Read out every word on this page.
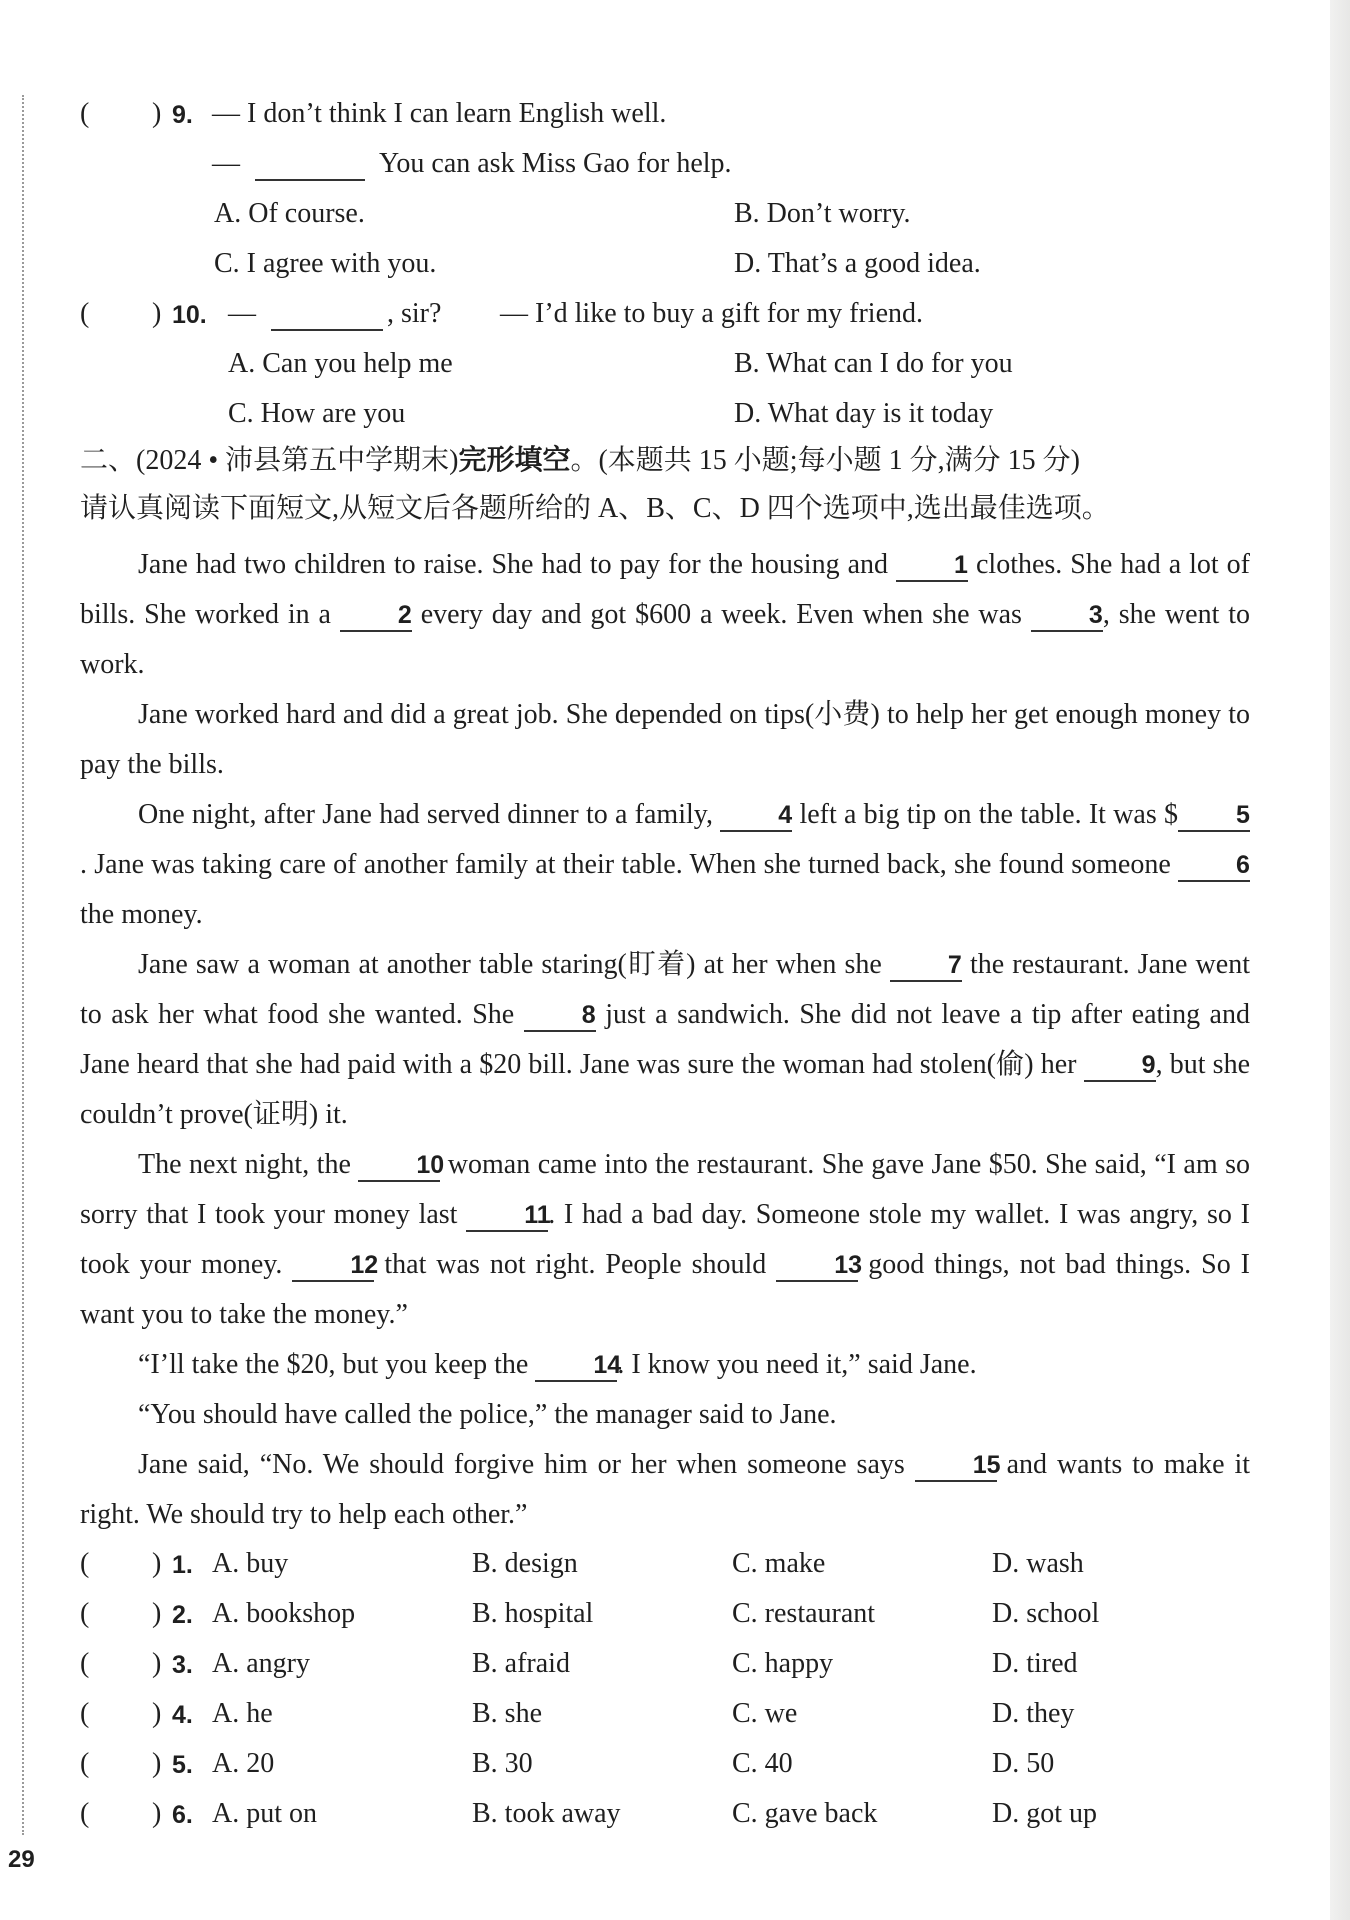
( ) 9. — I don’t think I can learn English well.
—	You can ask Miss Gao for help.
A. Of course.	B. Don’t worry.
C. I agree with you.	D. That’s a good idea.
( ) 10. —	, sir? — I’d like to buy a gift for my friend.
A. Can you help me	B. What can I do for you
C. How are you	D. What day is it today
二、(2024 • 沛县第五中学期末)完形填空。(本题共 15 小题;每小题 1 分,满分 15 分)
请认真阅读下面短文,从短文后各题所给的 A、B、C、D 四个选项中,选出最佳选项。
Jane had two children to raise. She had to pay for the housing and 1 clothes. She had a lot of bills. She worked in a 2 every day and got $600 a week. Even when she was 3, she went to work.
Jane worked hard and did a great job. She depended on tips(小费) to help her get enough money to pay the bills.
One night, after Jane had served dinner to a family, 4 left a big tip on the table. It was $ 5. Jane was taking care of another family at their table. When she turned back, she found someone 6 the money.
Jane saw a woman at another table staring(盯着) at her when she 7 the restaurant. Jane went to ask her what food she wanted. She 8 just a sandwich. She did not leave a tip after eating and Jane heard that she had paid with a $20 bill. Jane was sure the woman had stolen(偷) her 9, but she couldn’t prove(证明) it.
The next night, the 10 woman came into the restaurant. She gave Jane $50. She said, “I am so sorry that I took your money last 11. I had a bad day. Someone stole my wallet. I was angry, so I took your money. 12 that was not right. People should 13 good things, not bad things. So I want you to take the money.”
“I’ll take the $20, but you keep the 14. I know you need it,” said Jane.
“You should have called the police,” the manager said to Jane.
Jane said, “No. We should forgive him or her when someone says 15 and wants to make it right. We should try to help each other.”
( ) 1. A. buy	B. design	C. make	D. wash
( ) 2. A. bookshop	B. hospital	C. restaurant	D. school
( ) 3. A. angry	B. afraid	C. happy	D. tired
( ) 4. A. he	B. she	C. we	D. they
( ) 5. A. 20	B. 30	C. 40	D. 50
( ) 6. A. put on	B. took away	C. gave back	D. got up
29
